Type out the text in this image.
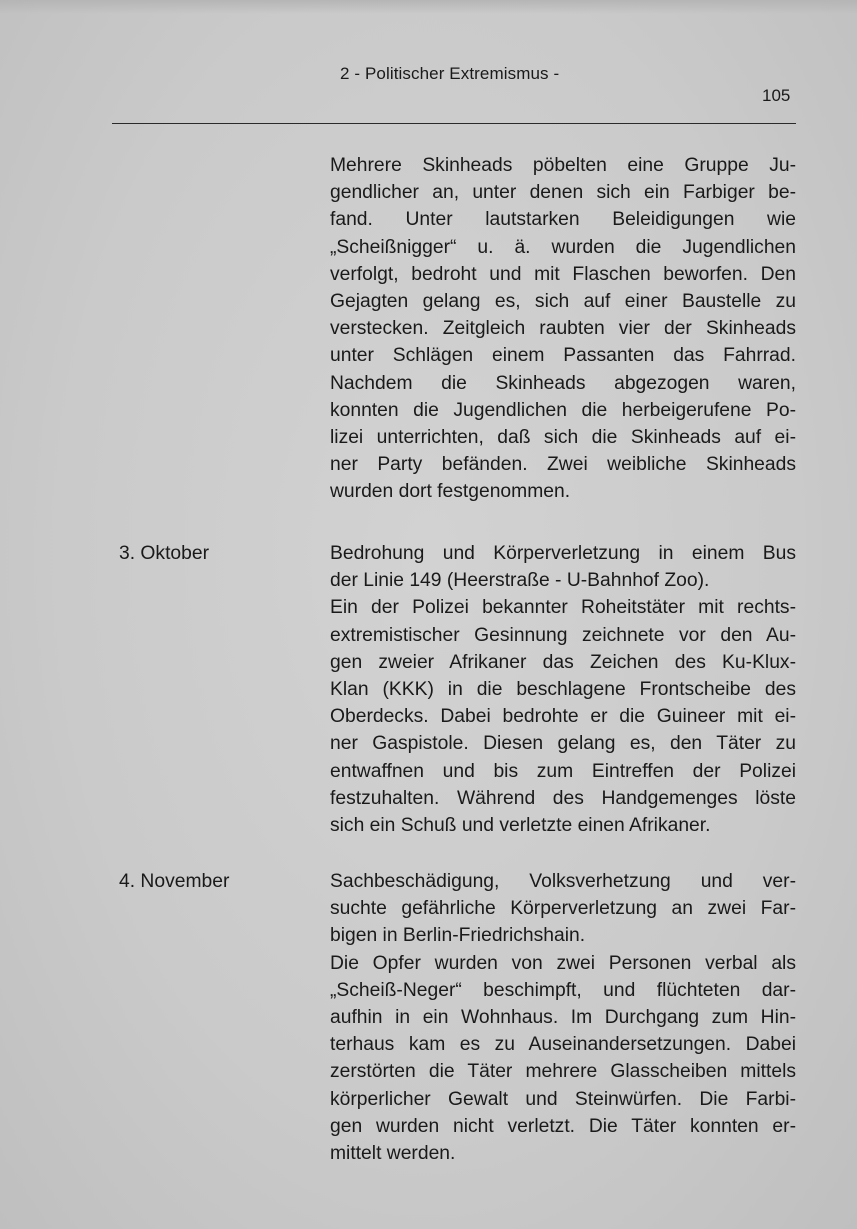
2 - Politischer Extremismus -
105
Mehrere Skinheads pöbelten eine Gruppe Ju-
gendlicher an, unter denen sich ein Farbiger be-
fand. Unter lautstarken Beleidigungen wie
„Scheißnigger“ u. ä. wurden die Jugendlichen
verfolgt, bedroht und mit Flaschen beworfen. Den
Gejagten gelang es, sich auf einer Baustelle zu
verstecken. Zeitgleich raubten vier der Skinheads
unter Schlägen einem Passanten das Fahrrad.
Nachdem die Skinheads abgezogen waren,
konnten die Jugendlichen die herbeigerufene Po-
lizei unterrichten, daß sich die Skinheads auf ei-
ner Party befänden. Zwei weibliche Skinheads
wurden dort festgenommen.
3. Oktober	Bedrohung und Körperverletzung in einem Bus
der Linie 149 (Heerstraße - U-Bahnhof Zoo).
Ein der Polizei bekannter Roheitstäter mit rechts-
extremistischer Gesinnung zeichnete vor den Au-
gen zweier Afrikaner das Zeichen des Ku-Klux-
Klan (KKK) in die beschlagene Frontscheibe des
Oberdecks. Dabei bedrohte er die Guineer mit ei-
ner Gaspistole. Diesen gelang es, den Täter zu
entwaffnen und bis zum Eintreffen der Polizei
festzuhalten. Während des Handgemenges löste
sich ein Schuß und verletzte einen Afrikaner.
4. November	Sachbeschädigung, Volksverhetzung und ver-
suchte gefährliche Körperverletzung an zwei Far-
bigen in Berlin-Friedrichshain.
Die Opfer wurden von zwei Personen verbal als
„Scheiß-Neger“ beschimpft, und flüchteten dar-
aufhin in ein Wohnhaus. Im Durchgang zum Hin-
terhaus kam es zu Auseinandersetzungen. Dabei
zerstörten die Täter mehrere Glasscheiben mittels
körperlicher Gewalt und Steinwürfen. Die Farbi-
gen wurden nicht verletzt. Die Täter konnten er-
mittelt werden.
